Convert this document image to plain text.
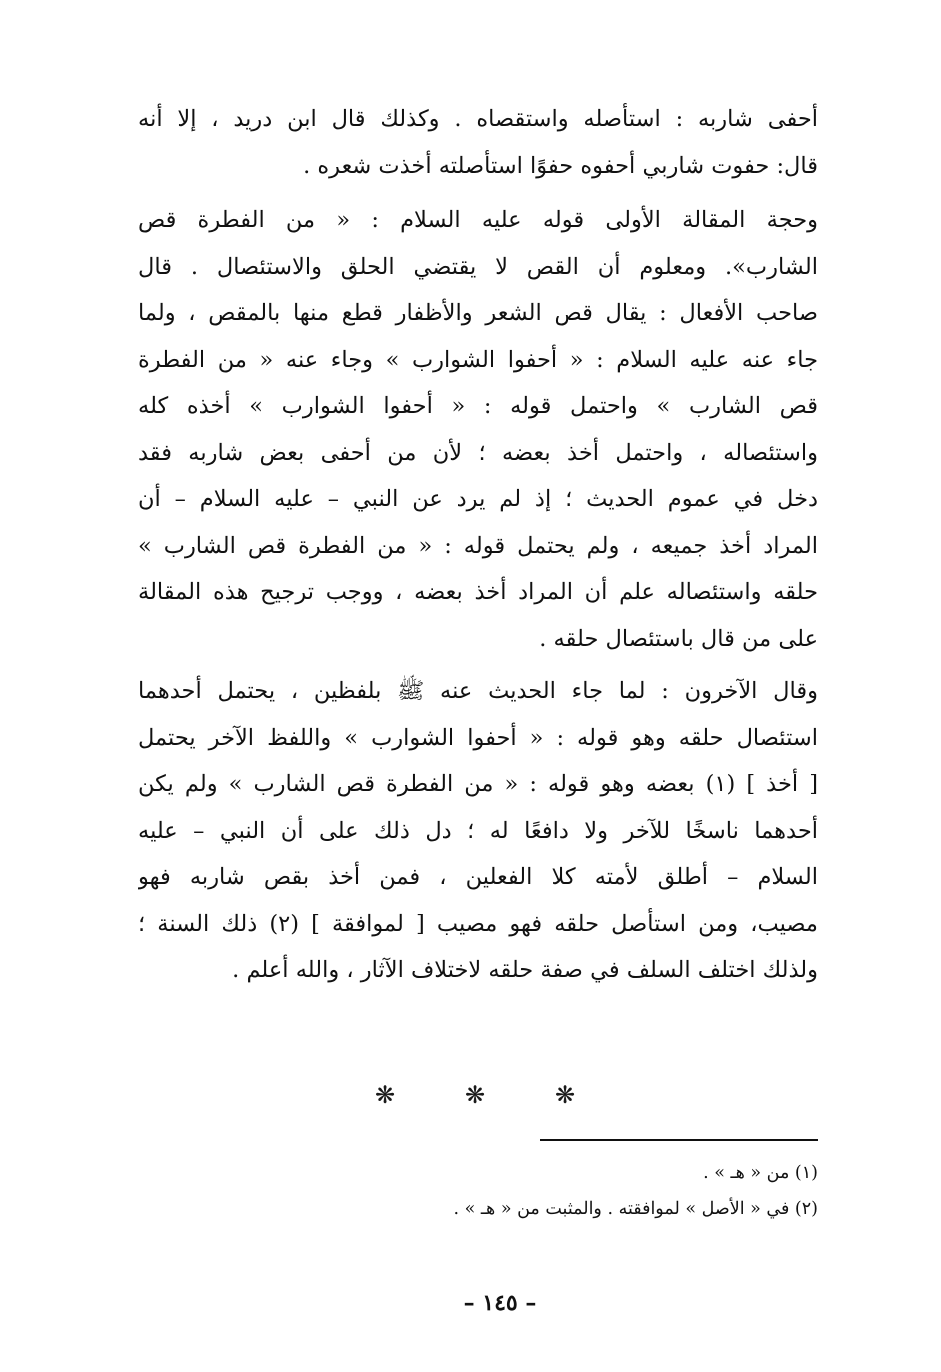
أحفى شاربه : استأصله واستقصاه . وكذلك قال ابن دريد ، إلا أنه
قال: حفوت شاربي أحفوه حفوًا استأصلته أخذت شعره .
وحجة المقالة الأولى قوله عليه السلام : « من الفطرة قص
الشارب». ومعلوم أن القص لا يقتضي الحلق والاستئصال . قال
صاحب الأفعال : يقال قص الشعر والأظفار قطع منها بالمقص ، ولما
جاء عنه عليه السلام : « أحفوا الشوارب » وجاء عنه « من الفطرة
قص الشارب » واحتمل قوله : « أحفوا الشوارب » أخذه كله
واستئصاله ، واحتمل أخذ بعضه ؛ لأن من أحفى بعض شاربه فقد
دخل في عموم الحديث ؛ إذ لم يرد عن النبي – عليه السلام – أن
المراد أخذ جميعه ، ولم يحتمل قوله : « من الفطرة قص الشارب »
حلقه واستئصاله علم أن المراد أخذ بعضه ، ووجب ترجيح هذه المقالة
على من قال باستئصال حلقه .
وقال الآخرون : لما جاء الحديث عنه ﷺ بلفظين ، يحتمل أحدهما
استئصال حلقه وهو قوله : « أحفوا الشوارب » واللفظ الآخر يحتمل
[ أخذ ] (١) بعضه وهو قوله : « من الفطرة قص الشارب » ولم يكن
أحدهما ناسخًا للآخر ولا دافعًا له ؛ دل ذلك على أن النبي – عليه
السلام – أطلق لأمته كلا الفعلين ، فمن أخذ بقص شاربه فهو
مصيب، ومن استأصل حلقه فهو مصيب [ لموافقة ] (٢) ذلك السنة ؛
ولذلك اختلف السلف في صفة حلقه لاختلاف الآثار ، والله أعلم .
❋	❋	❋
(١) من « هـ » .
(٢) في « الأصل » لموافقته . والمثبت من « هـ » .
– ١٤٥ –
